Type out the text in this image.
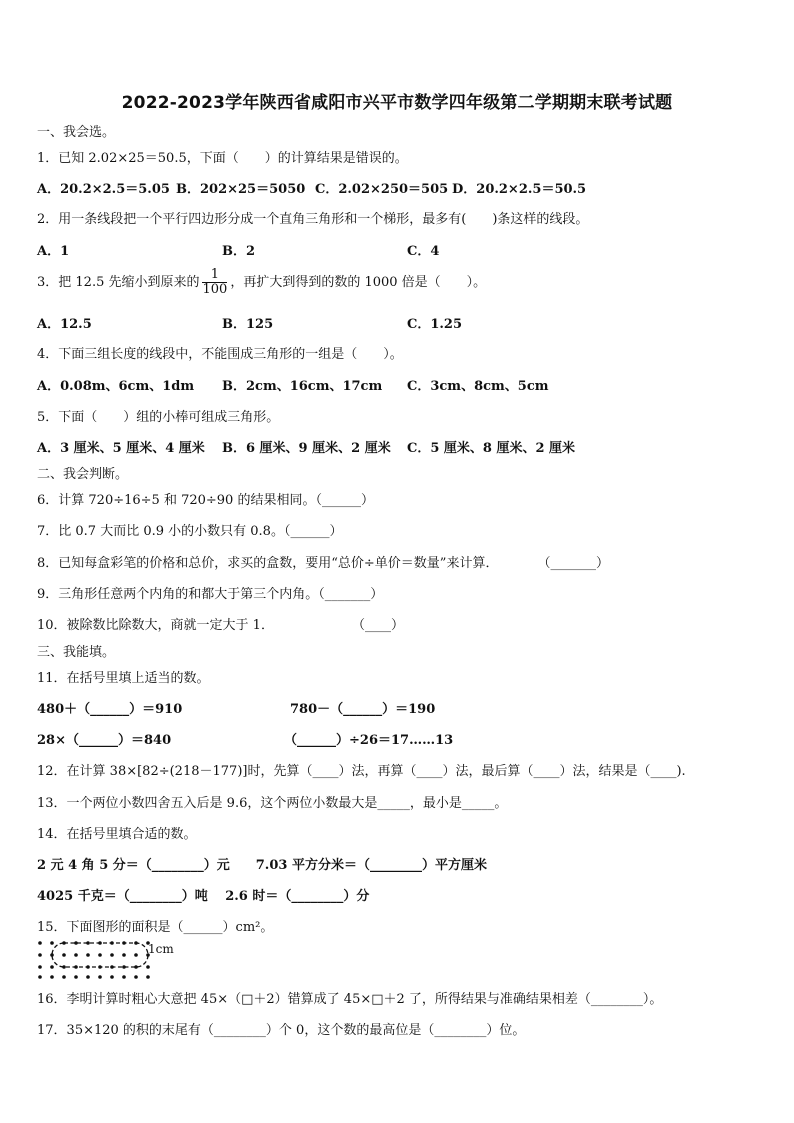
2022-2023学年陕西省咸阳市兴平市数学四年级第二学期期末联考试题
一、我会选。
1．已知 2.02×25＝50.5，下面（　　）的计算结果是错误的。
A．20.2×2.5＝5.05 B．202×25＝5050 C．2.02×250＝505 D．20.2×2.5＝50.5
2．用一条线段把一个平行四边形分成一个直角三角形和一个梯形，最多有(　　)条这样的线段。
A．1	B．2	C．4
3．把 12.5 先缩小到原来的 $\frac{1}{100}$ ，再扩大到得到的数的 1000 倍是（　　）。
A．12.5	B．125	C．1.25
4．下面三组长度的线段中，不能围成三角形的一组是（　　）。
A．0.08m、6cm、1dm B．2cm、16cm、17cm C．3cm、8cm、5cm
5．下面（　　）组的小棒可组成三角形。
A．3 厘米、5 厘米、4 厘米 B．6 厘米、9 厘米、2 厘米 C．5 厘米、8 厘米、2 厘米
二、我会判断。
6．计算 720÷16÷5 和 720÷90 的结果相同。（______）
7．比 0.7 大而比 0.9 小的小数只有 0.8。（______）
8．已知每盒彩笔的价格和总价，求买的盒数，要用“总价÷单价＝数量”来计算．　　　　（_______）
9．三角形任意两个内角的和都大于第三个内角。（_______）
10．被除数比除数大，商就一定大于 1．　　　　　　　（____）
三、我能填。
11．在括号里填上适当的数。
480＋（______）＝910	780－（______）＝190
28×（______）＝840	（______）÷26＝17……13
12．在计算 38×[82÷(218－177)]时，先算（____）法，再算（____）法，最后算（____）法，结果是（____).
13．一个两位小数四舍五入后是 9.6，这个两位小数最大是_____，最小是_____。
14．在括号里填合适的数。
2 元 4 角 5 分＝（________）元　　7.03 平方分米＝（________）平方厘米
4025 千克＝（________）吨　 2.6 时＝（________）分
15．下面图形的面积是（______）cm²。
1cm
16．李明计算时粗心大意把 45×（□＋2）错算成了 45×□＋2 了，所得结果与准确结果相差（________）。
17．35×120 的积的末尾有（________）个 0，这个数的最高位是（________）位。
